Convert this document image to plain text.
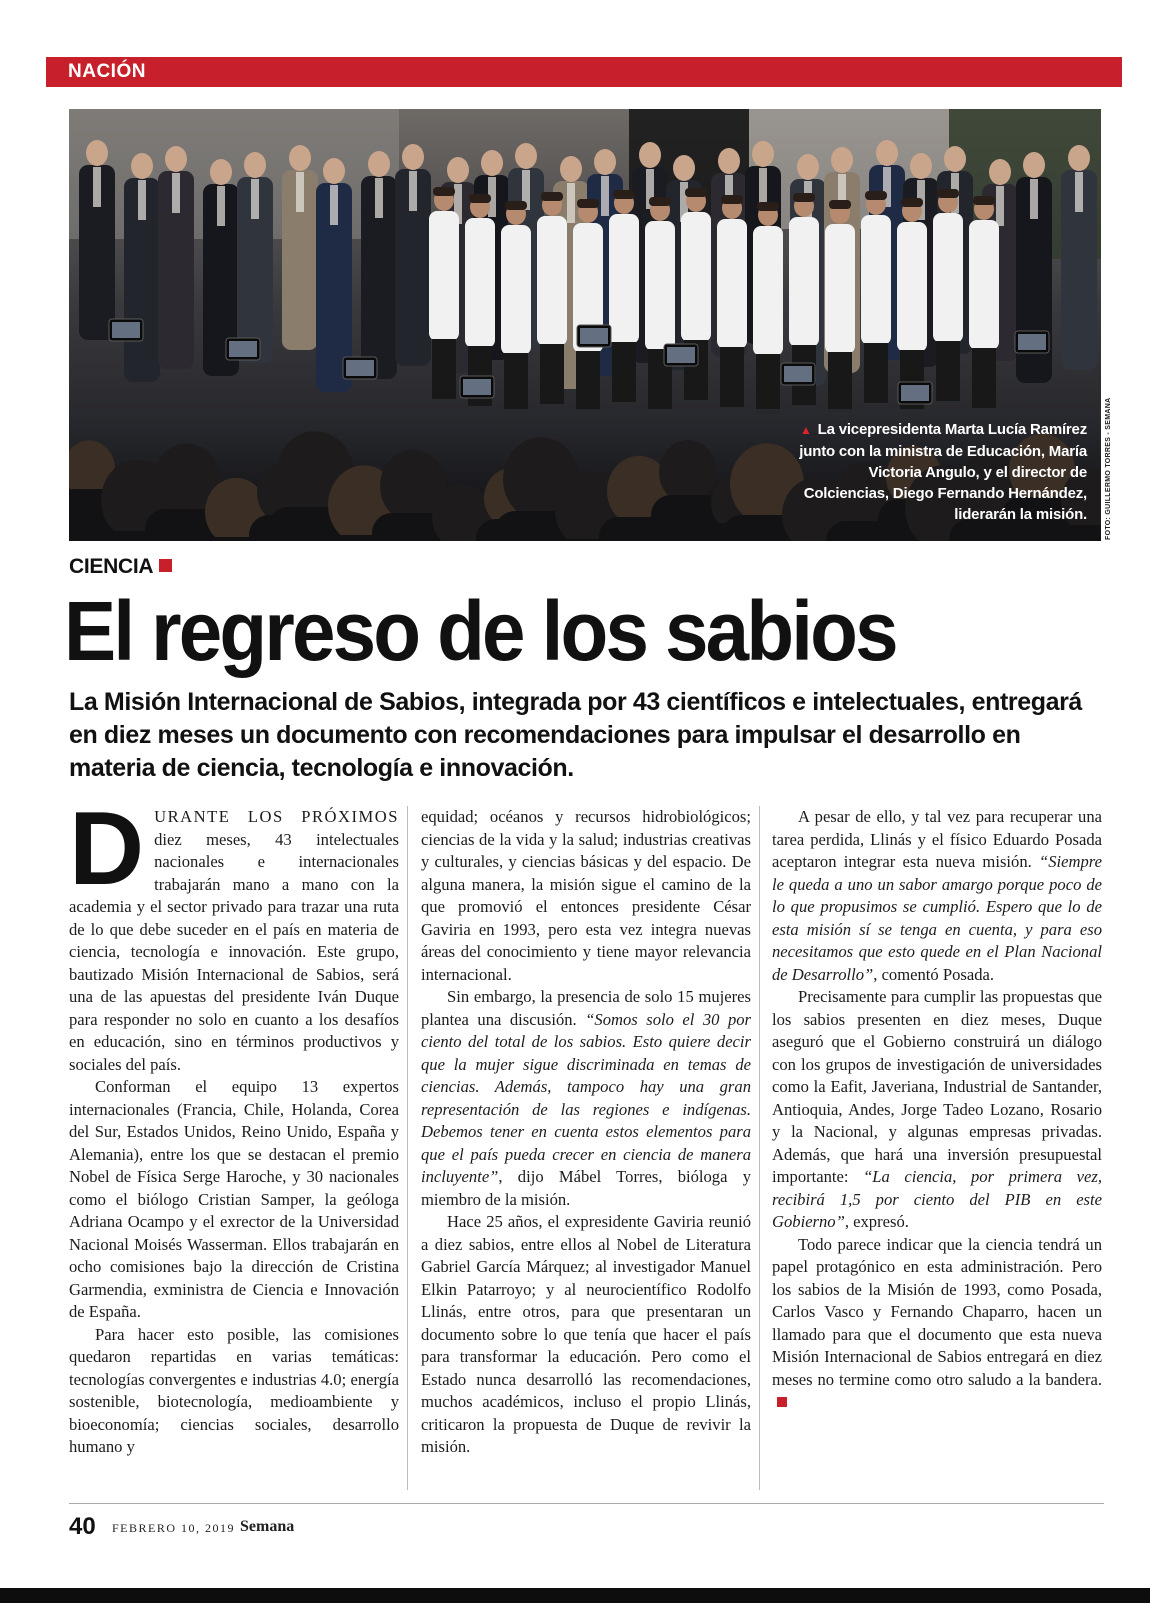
NACIÓN
▲ La vicepresidenta Marta Lucía Ramírez junto con la ministra de Educación, María Victoria Angulo, y el director de Colciencias, Diego Fernando Hernández, liderarán la misión.	FOTO: GUILLERMO TORRES - SEMANA
CIENCIA
El regreso de los sabios
La Misión Internacional de Sabios, integrada por 43 científicos e intelectuales, entregará en diez meses un documento con recomendaciones para impulsar el desarrollo en materia de ciencia, tecnología e innovación.

DURANTE LOS PRÓXIMOS diez meses, 43 intelectuales nacionales e internacionales trabajarán mano a mano con la academia y el sector privado para trazar una ruta de lo que debe suceder en el país en materia de ciencia, tecnología e innovación. Este grupo, bautizado Misión Internacional de Sabios, será una de las apuestas del presidente Iván Duque para responder no solo en cuanto a los desafíos en educación, sino en términos productivos y sociales del país.

Conforman el equipo 13 expertos internacionales (Francia, Chile, Holanda, Corea del Sur, Estados Unidos, Reino Unido, España y Alemania), entre los que se destacan el premio Nobel de Física Serge Haroche, y 30 nacionales como el biólogo Cristian Samper, la geóloga Adriana Ocampo y el exrector de la Universidad Nacional Moisés Wasserman. Ellos trabajarán en ocho comisiones bajo la dirección de Cristina Garmendia, exministra de Ciencia e Innovación de España.

Para hacer esto posible, las comisiones quedaron repartidas en varias temáticas: tecnologías convergentes e industrias 4.0; energía sostenible, biotecnología, medioambiente y bioeconomía; ciencias sociales, desarrollo humano y

equidad; océanos y recursos hidrobiológicos; ciencias de la vida y la salud; industrias creativas y culturales, y ciencias básicas y del espacio. De alguna manera, la misión sigue el camino de la que promovió el entonces presidente César Gaviria en 1993, pero esta vez integra nuevas áreas del conocimiento y tiene mayor relevancia internacional.

Sin embargo, la presencia de solo 15 mujeres plantea una discusión. “Somos solo el 30 por ciento del total de los sabios. Esto quiere decir que la mujer sigue discriminada en temas de ciencias. Además, tampoco hay una gran representación de las regiones e indígenas. Debemos tener en cuenta estos elementos para que el país pueda crecer en ciencia de manera incluyente”, dijo Mábel Torres, bióloga y miembro de la misión.

Hace 25 años, el expresidente Gaviria reunió a diez sabios, entre ellos al Nobel de Literatura Gabriel García Márquez; al investigador Manuel Elkin Patarroyo; y al neurocientífico Rodolfo Llinás, entre otros, para que presentaran un documento sobre lo que tenía que hacer el país para transformar la educación. Pero como el Estado nunca desarrolló las recomendaciones, muchos académicos, incluso el propio Llinás, criticaron la propuesta de Duque de revivir la misión.

A pesar de ello, y tal vez para recuperar una tarea perdida, Llinás y el físico Eduardo Posada aceptaron integrar esta nueva misión. “Siempre le queda a uno un sabor amargo porque poco de lo que propusimos se cumplió. Espero que lo de esta misión sí se tenga en cuenta, y para eso necesitamos que esto quede en el Plan Nacional de Desarrollo”, comentó Posada.

Precisamente para cumplir las propuestas que los sabios presenten en diez meses, Duque aseguró que el Gobierno construirá un diálogo con los grupos de investigación de universidades como la Eafit, Javeriana, Industrial de Santander, Antioquia, Andes, Jorge Tadeo Lozano, Rosario y la Nacional, y algunas empresas privadas. Además, que hará una inversión presupuestal importante: “La ciencia, por primera vez, recibirá 1,5 por ciento del PIB en este Gobierno”, expresó.

Todo parece indicar que la ciencia tendrá un papel protagónico en esta administración. Pero los sabios de la Misión de 1993, como Posada, Carlos Vasco y Fernando Chaparro, hacen un llamado para que el documento que esta nueva Misión Internacional de Sabios entregará en diez meses no termine como otro saludo a la bandera.

40 FEBRERO 10, 2019 Semana
